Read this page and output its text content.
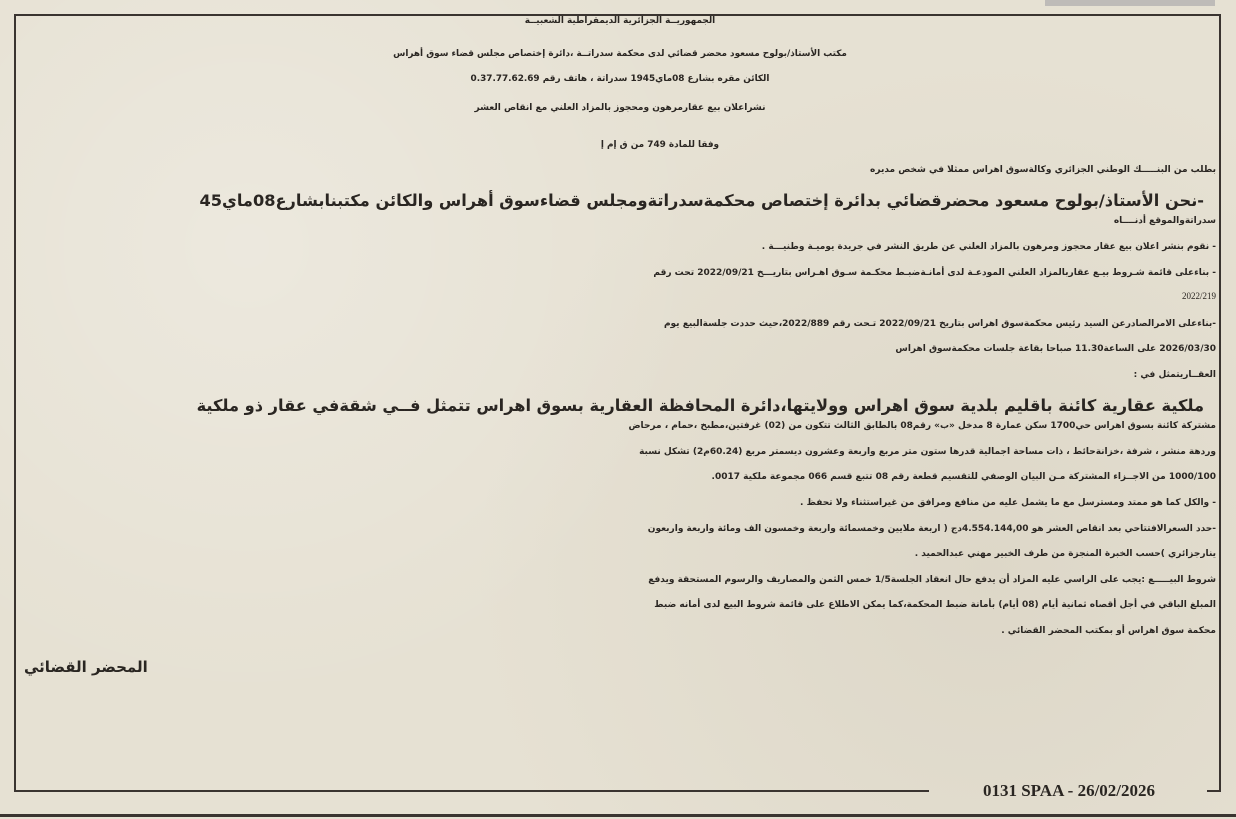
0131 SPAA - 26/02/2026
الجمهوريــة الجزائرية الديمقراطية الشعبيــة
مكتب الأستاذ/بولوح مسعود محضر قضائي لدى محكمة سدراتــة ،دائرة إختصاص مجلس قضاء سوق أهراس
الكائن مقره بشارع 08ماي1945 سدراتة ، هاتف رقم 0.37.77.62.69
نشراعلان بيع عقارمرهون ومحجوز بالمزاد العلني مع انقاص العشر
وفقا للمادة 749 من ق إم إ
بطلب من البنـــــك الوطني الجزائري وكالةسوق اهراس ممثلا في شخص مديره
-نحن الأستاذ/بولوح مسعود محضرقضائي بدائرة إختصاص محكمةسدراتةومجلس قضاءسوق أهراس والكائن مكتبنابشارع08ماي45
سدراتةوالموقع أدنــــاه
- نقوم بنشر اعلان بيع عقار محجوز ومرهون بالمزاد العلني عن طريق النشر في جريدة يوميـة وطنيـــة .
- بناءعلى قائمة شـروط بيـع عقاربالمزاد العلني المودعـة لدى أمانـةضبـط محكـمة سـوق اهـراس بتاريـــخ 2022/09/21 تحت رقم
2022/219
-بناءعلى الامرالصادرعن السيد رئيس محكمةسوق اهراس بتاريخ 2022/09/21 تـحت رقم 2022/889،حيث حددت جلسةالبيع يوم
2026/03/30 على الساعة11.30 صباحا بقاعة جلسات محكمةسوق اهراس
العقــاريتمثل في :
ملكية عقارية كائنة باقليم بلدية سوق اهراس وولايتها،دائرة المحافظة العقارية بسوق اهراس تتمثل فــي شقةفي عقار ذو ملكية
مشتركة كائنة بسوق اهراس حي1700 سكن عمارة 8 مدخل «ب» رقم08 بالطابق الثالث تتكون من (02) غرفتين،مطبخ ،حمام ، مرحاض
وردهة منشر ، شرفة ،خزانةحائط ، ذات مساحة اجمالية قدرها ستون متر مربع واربعة وعشرون ديسمتر مربع (60.24م2) تشكل نسبة
1000/100 من الاجــزاء المشتركة مـن البيان الوصفي للتقسيم قطعة رقم 08 تتبع قسم 066 مجموعة ملكية 0017.
- والكل كما هو ممتد ومسترسل مع ما يشمل عليه من منافع ومرافق من غيراستثناء ولا تحفظ .
-حدد السعرالافتتاحي بعد انقاص العشر هو 4.554.144,00دج ( اربعة ملايين وخمسمائة واربعة وخمسون الف ومائة واربعة واربعون
ينارجزائري )حسب الخبرة المنجزة من طرف الخبير مهني عبدالحميد .
شروط البيـــــع :يجب على الراسي عليه المزاد أن يدفع حال انعقاد الجلسة1/5 خمس الثمن والمصاريف والرسوم المستحقة ويدفع
المبلغ الباقي في أجل أقصاه ثمانية أيام (08 أيام) بأمانة ضبط المحكمة،كما يمكن الاطلاع على قائمة شروط البيع لدى أمانه ضبط
محكمة سوق اهراس أو بمكتب المحضر القضائي .
المحضر القضائي
